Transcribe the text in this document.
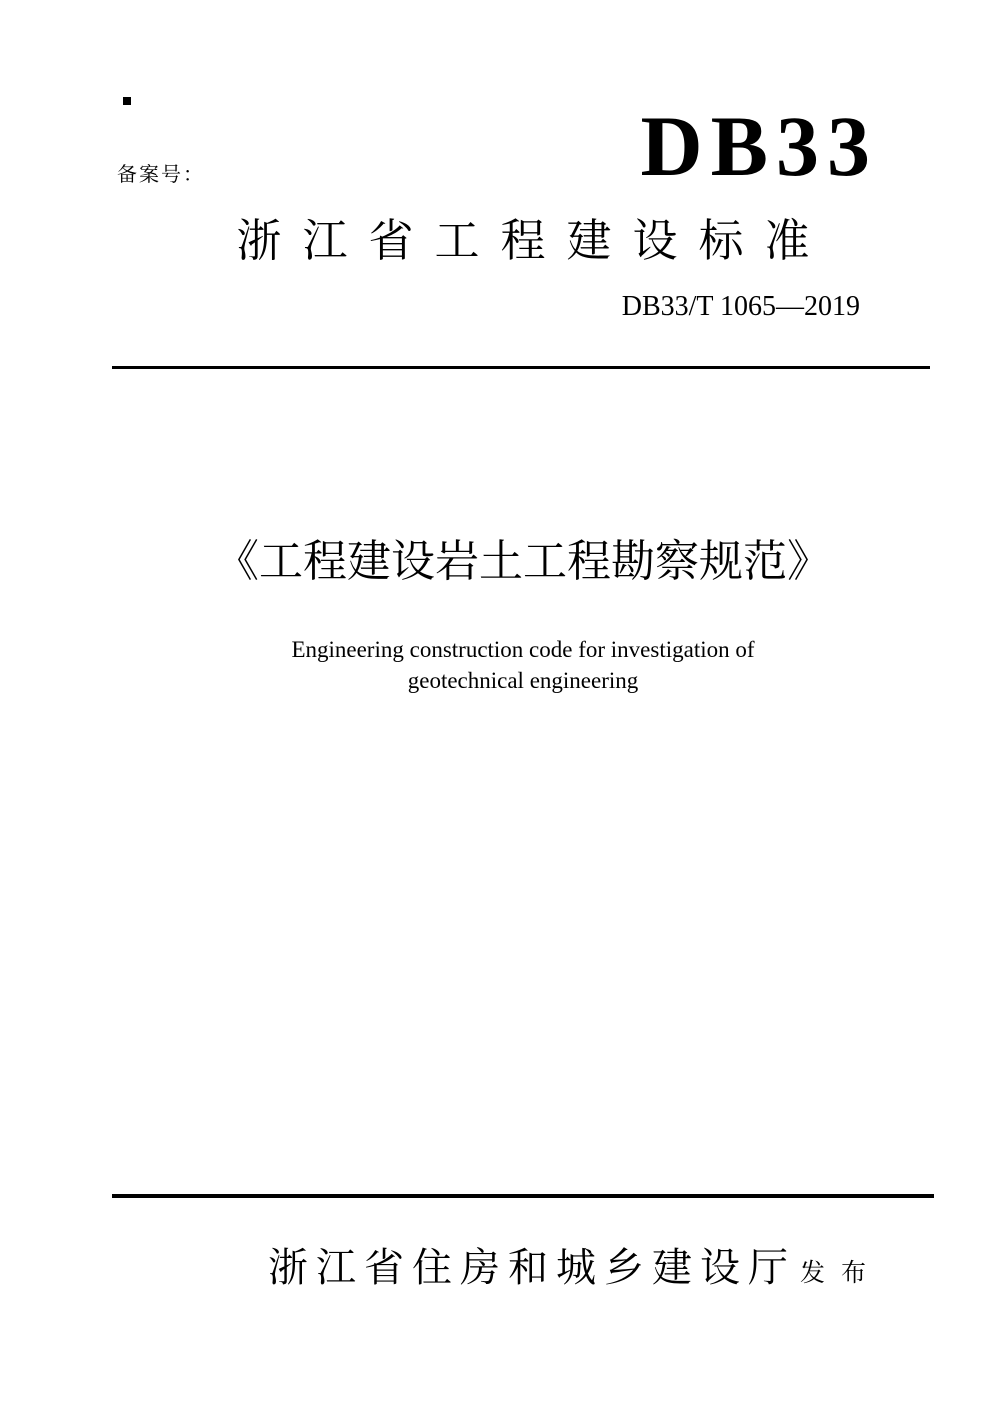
备案号：	DB33
浙江省工程建设标准
DB33/T 1065—2019
《工程建设岩土工程勘察规范》
Engineering construction code for investigation of
geotechnical engineering
浙江省住房和城乡建设厅 发布
